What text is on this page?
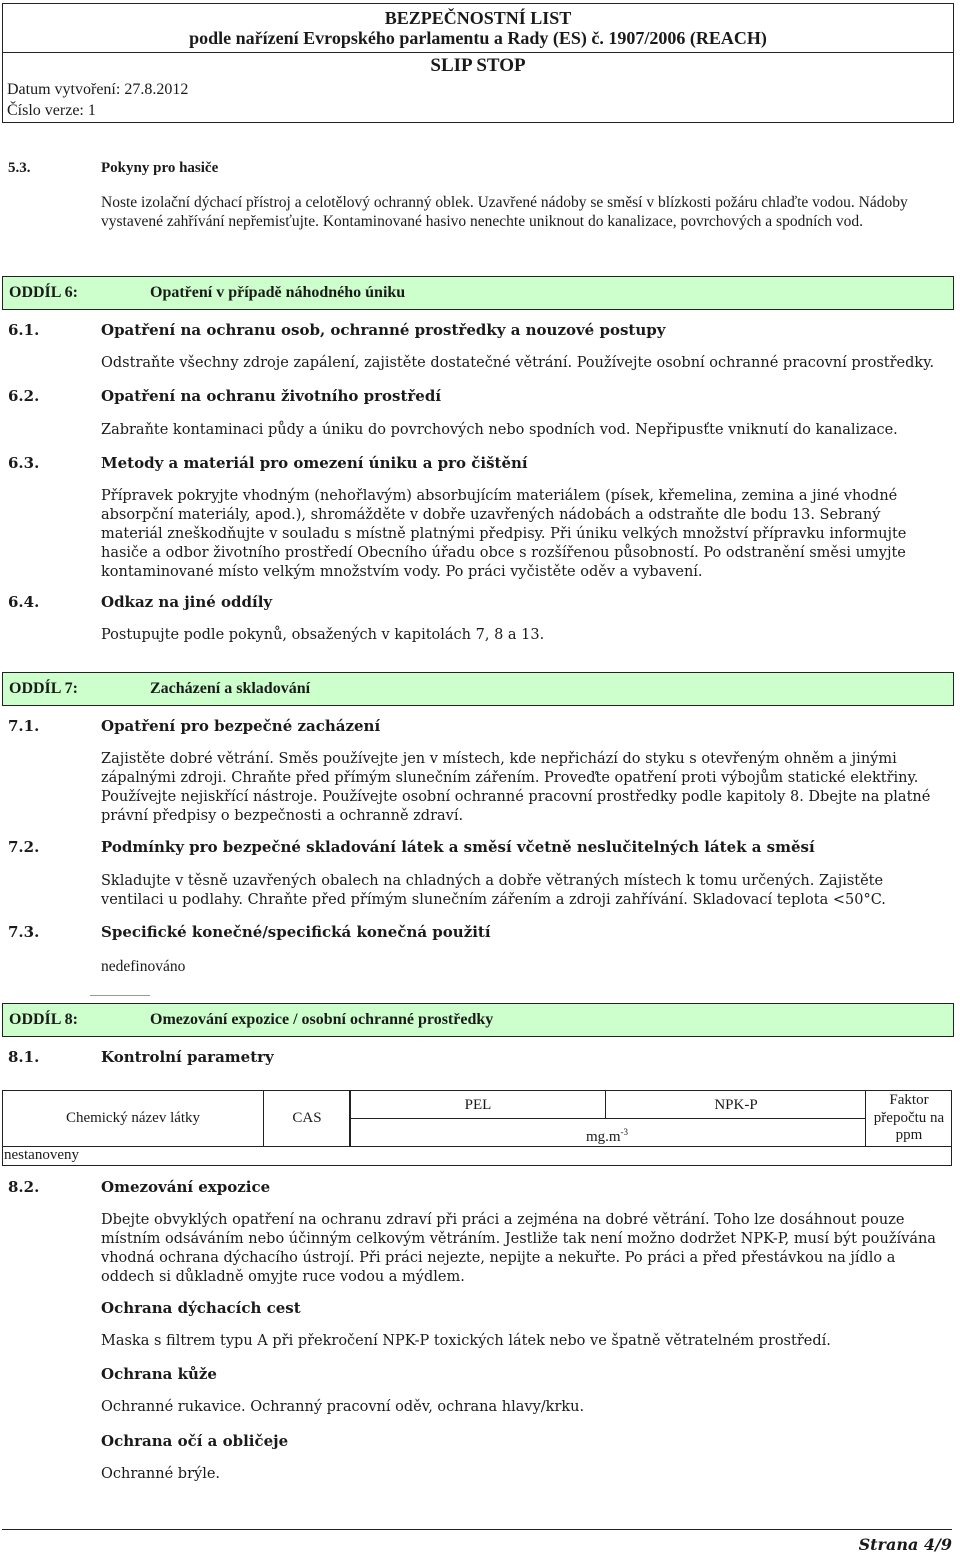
BEZPEČNOSTNÍ LIST
podle nařízení Evropského parlamentu a Rady (ES) č. 1907/2006 (REACH)
SLIP STOP
Datum vytvoření: 27.8.2012
Číslo verze: 1
5.3.	Pokyny pro hasiče
Noste izolační dýchací přístroj a celotělový ochranný oblek. Uzavřené nádoby se směsí v blízkosti požáru chlaďte vodou. Nádoby vystavené zahřívání nepřemisťujte. Kontaminované hasivo nenechte uniknout do kanalizace, povrchových a spodních vod.
ODDÍL 6:	Opatření v případě náhodného úniku
6.1.	Opatření na ochranu osob, ochranné prostředky a nouzové postupy
Odstraňte všechny zdroje zapálení, zajistěte dostatečné větrání. Používejte osobní ochranné pracovní prostředky.
6.2.	Opatření na ochranu životního prostředí
Zabraňte kontaminaci půdy a úniku do povrchových nebo spodních vod. Nepřipusťte vniknutí do kanalizace.
6.3.	Metody a materiál pro omezení úniku a pro čištění
Přípravek pokryjte vhodným (nehořlavým) absorbujícím materiálem (písek, křemelina, zemina a jiné vhodné absorpční materiály, apod.), shromážděte v dobře uzavřených nádobách a odstraňte dle bodu 13. Sebraný materiál zneškodňujte v souladu s místně platnými předpisy. Při úniku velkých množství přípravku informujte hasiče a odbor životního prostředí Obecního úřadu obce s rozšířenou působností. Po odstranění směsi umyjte kontaminované místo velkým množstvím vody. Po práci vyčistěte oděv a vybavení.
6.4.	Odkaz na jiné oddíly
Postupujte podle pokynů, obsažených v kapitolách 7, 8 a 13.
ODDÍL 7:	Zacházení a skladování
7.1.	Opatření pro bezpečné zacházení
Zajistěte dobré větrání. Směs používejte jen v místech, kde nepřichází do styku s otevřeným ohněm a jinými zápalnými zdroji. Chraňte před přímým slunečním zářením. Proveďte opatření proti výbojům statické elektřiny. Používejte nejiskřící nástroje. Používejte osobní ochranné pracovní prostředky podle kapitoly 8. Dbejte na platné právní předpisy o bezpečnosti a ochranně zdraví.
7.2.	Podmínky pro bezpečné skladování látek a směsí včetně neslučitelných látek a směsí
Skladujte v těsně uzavřených obalech na chladných a dobře větraných místech k tomu určených. Zajistěte ventilaci u podlahy. Chraňte před přímým slunečním zářením a zdroji zahřívání. Skladovací teplota <50°C.
7.3.	Specifické konečné/specifická konečná použití
nedefinováno
ODDÍL 8:	Omezování expozice / osobní ochranné prostředky
8.1.	Kontrolní parametry
Chemický název látky	CAS
PEL	NPK-P
$mg.m^{-3}$
Faktor
přepočtu na
ppm
nestanoveny
8.2.	Omezování expozice
Dbejte obvyklých opatření na ochranu zdraví při práci a zejména na dobré větrání. Toho lze dosáhnout pouze místním odsáváním nebo účinným celkovým větráním. Jestliže tak není možno dodržet NPK-P, musí být používána vhodná ochrana dýchacího ústrojí. Při práci nejezte, nepijte a nekuřte. Po práci a před přestávkou na jídlo a oddech si důkladně omyjte ruce vodou a mýdlem.
Ochrana dýchacích cest
Maska s filtrem typu A při překročení NPK-P toxických látek nebo ve špatně větratelném prostředí.
Ochrana kůže
Ochranné rukavice. Ochranný pracovní oděv, ochrana hlavy/krku.
Ochrana očí a obličeje
Ochranné brýle.
Strana 4/9
